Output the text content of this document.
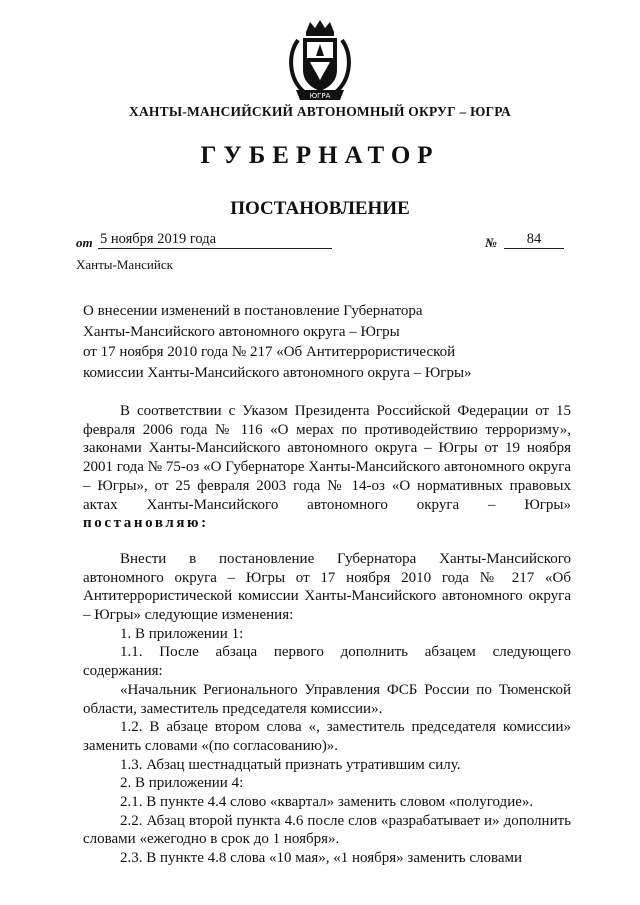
ЮГРА
ХАНТЫ-МАНСИЙСКИЙ АВТОНОМНЫЙ ОКРУГ – ЮГРА
ГУБЕРНАТОР
ПОСТАНОВЛЕНИЕ
от 5 ноября 2019 года	№	84
Ханты-Мансийск
О внесении изменений в постановление Губернатора
Ханты-Мансийского автономного округа – Югры
от 17 ноября 2010 года № 217 «Об Антитеррористической
комиссии Ханты-Мансийского автономного округа – Югры»

В соответствии с Указом Президента Российской Федерации от 15 февраля 2006 года № 116 «О мерах по противодействию терроризму», законами Ханты-Мансийского автономного округа – Югры от 19 ноября 2001 года № 75-оз «О Губернаторе Ханты-Мансийского автономного округа – Югры», от 25 февраля 2003 года № 14-оз «О нормативных правовых актах Ханты-Мансийского автономного округа – Югры» постановляю:

Внести в постановление Губернатора Ханты-Мансийского автономного округа – Югры от 17 ноября 2010 года № 217 «Об Антитеррористической комиссии Ханты-Мансийского автономного округа – Югры» следующие изменения:

1. В приложении 1:

1.1. После абзаца первого дополнить абзацем следующего содержания:

«Начальник Регионального Управления ФСБ России по Тюменской области, заместитель председателя комиссии».

1.2. В абзаце втором слова «, заместитель председателя комиссии» заменить словами «(по согласованию)».

1.3. Абзац шестнадцатый признать утратившим силу.

2. В приложении 4:

2.1. В пункте 4.4 слово «квартал» заменить словом «полугодие».

2.2. Абзац второй пункта 4.6 после слов «разрабатывает и» дополнить словами «ежегодно в срок до 1 ноября».

2.3. В пункте 4.8 слова «10 мая», «1 ноября» заменить словами
